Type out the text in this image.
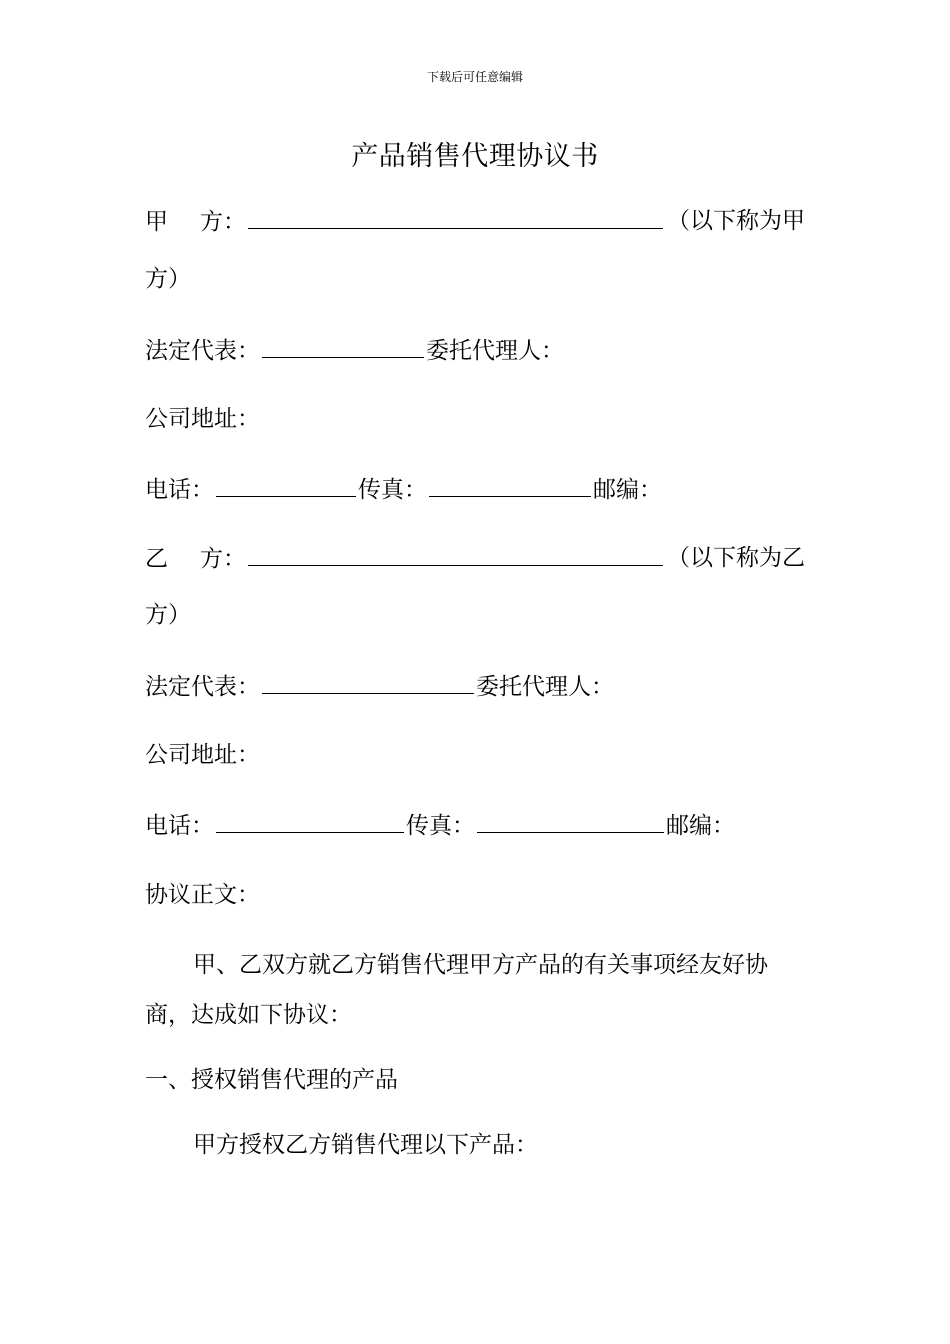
下载后可任意编辑
产品销售代理协议书
甲 方：	（以下称为甲
方）
法定代表：	委托代理人：
公司地址：
电话：	传真：	邮编：
乙 方：	（以下称为乙
方）
法定代表：	委托代理人：
公司地址：
电话：	传真：	邮编：
协议正文：
甲、乙双方就乙方销售代理甲方产品的有关事项经友好协
商，达成如下协议：
一、授权销售代理的产品
甲方授权乙方销售代理以下产品：
